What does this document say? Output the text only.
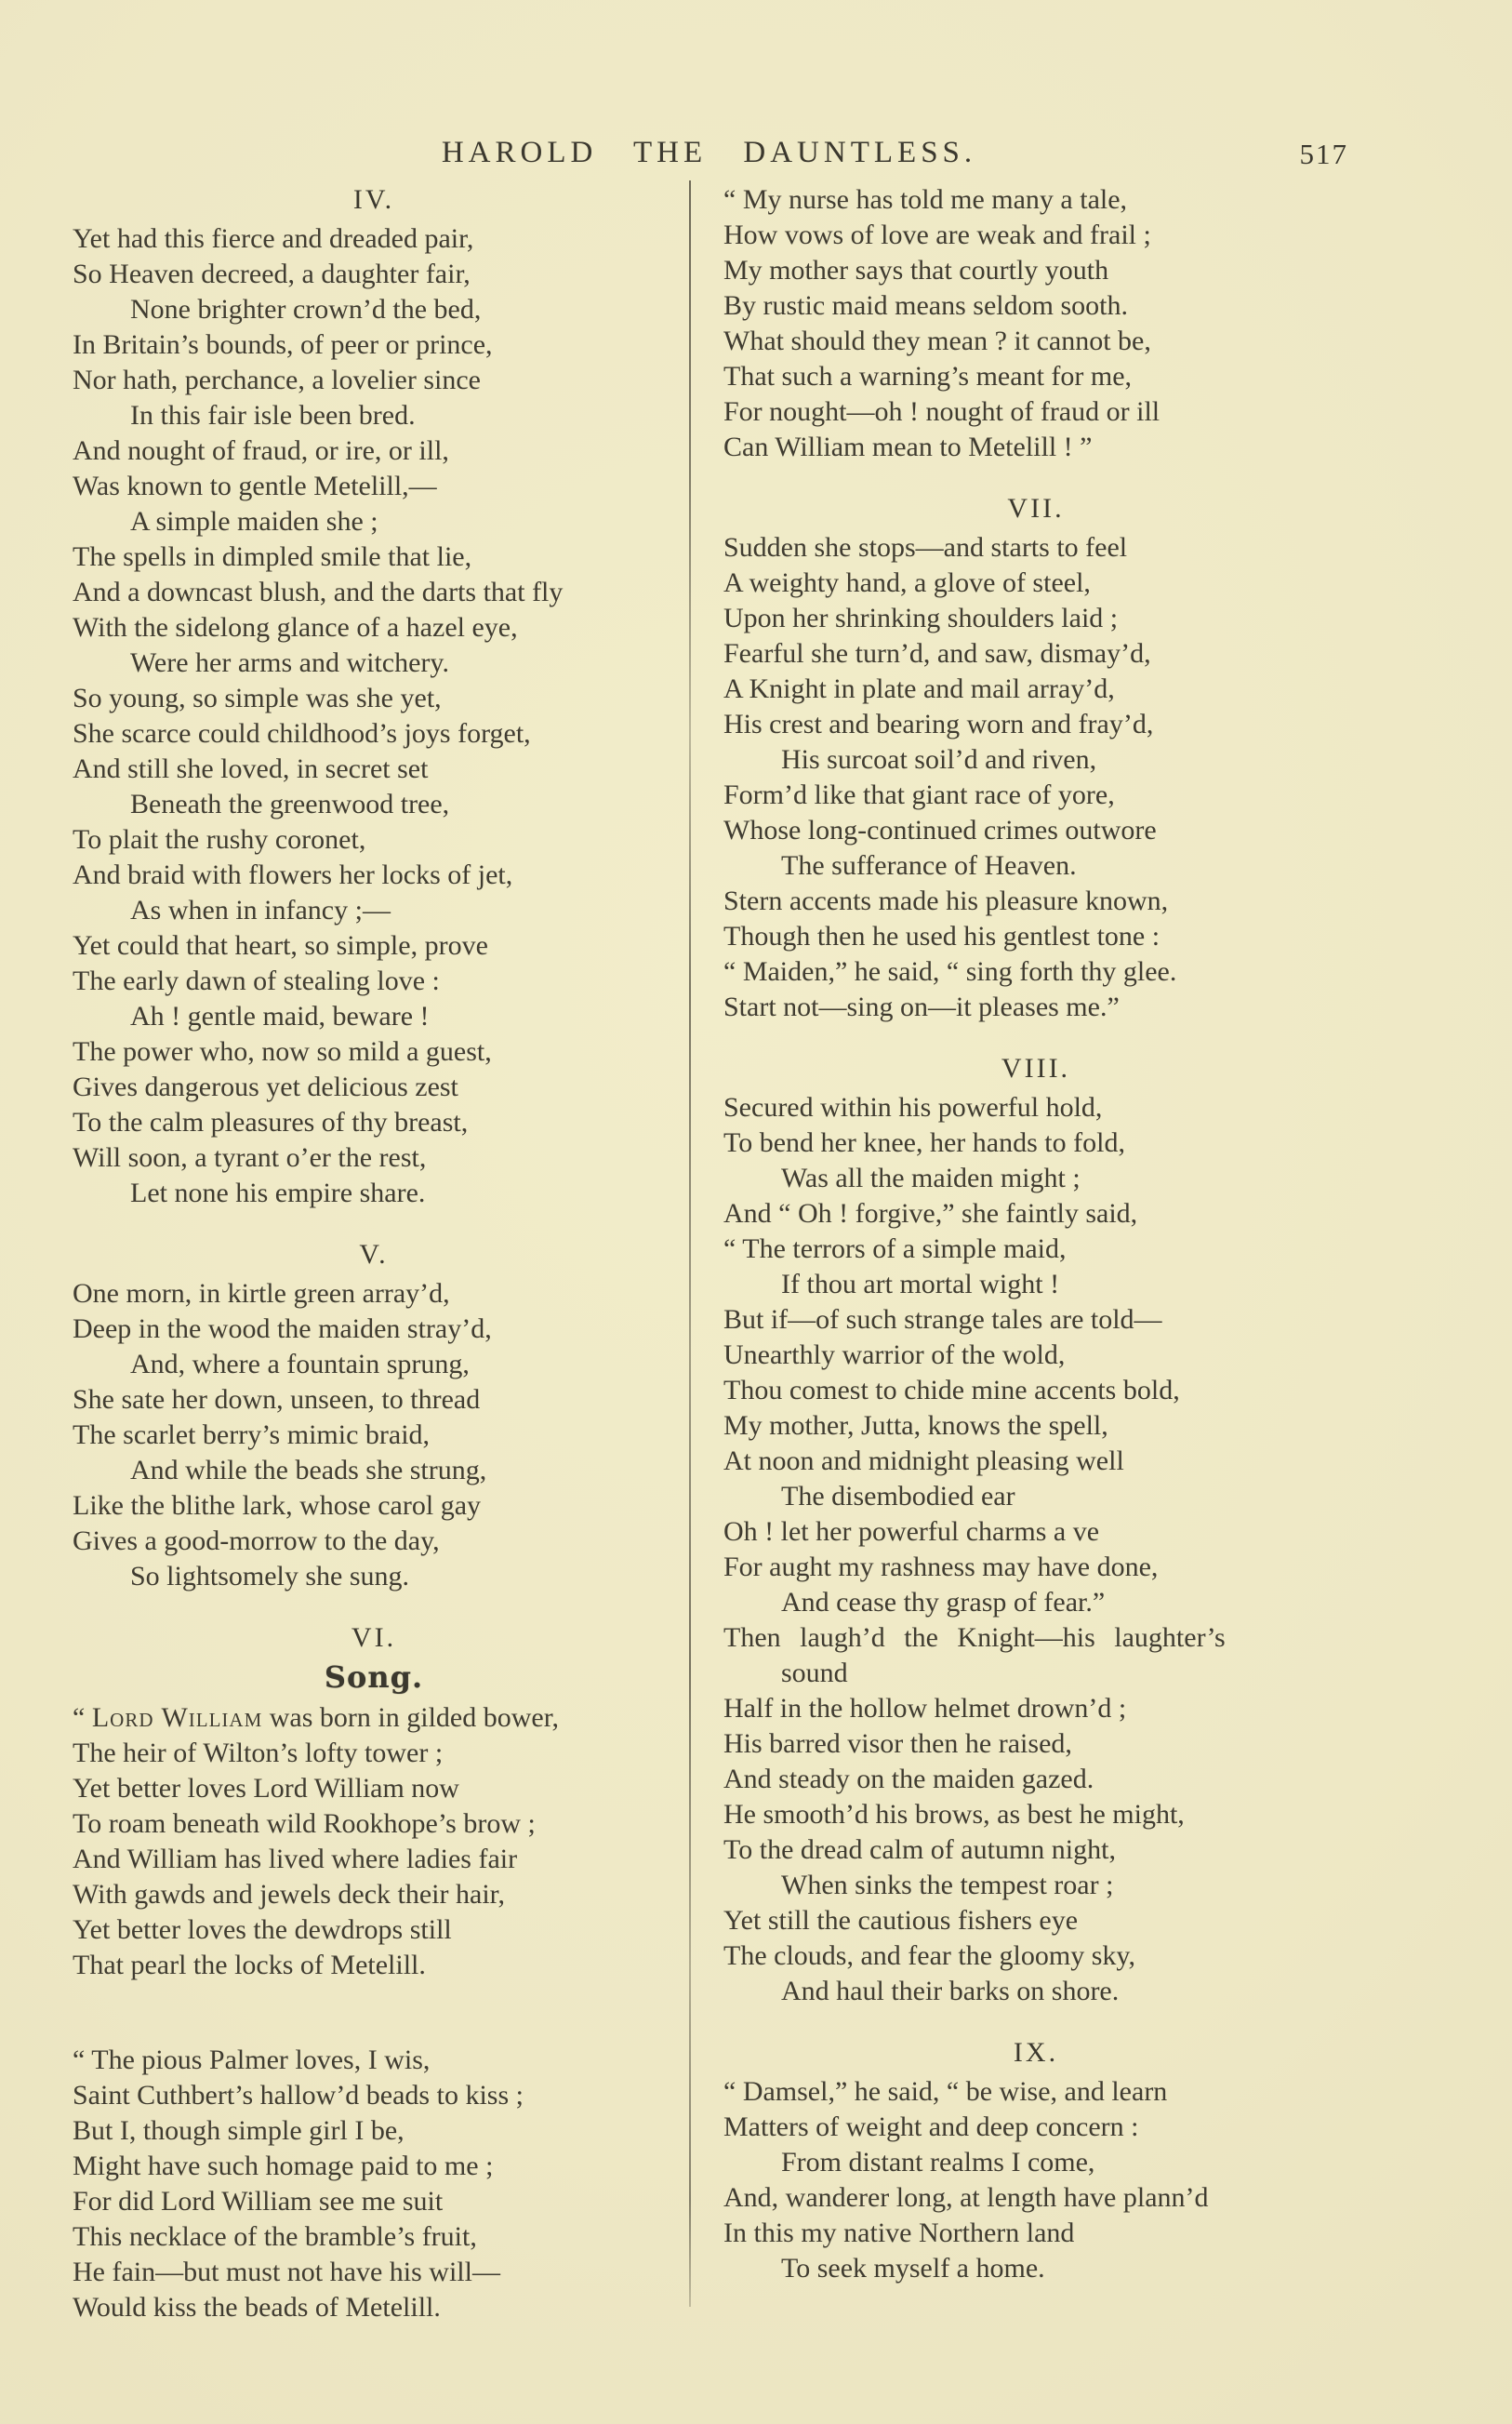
HAROLD THE DAUNTLESS.	517
IV.
Yet had this fierce and dreaded pair,
So Heaven decreed, a daughter fair,
None brighter crown’d the bed,
In Britain’s bounds, of peer or prince,
Nor hath, perchance, a lovelier since
In this fair isle been bred.
And nought of fraud, or ire, or ill,
Was known to gentle Metelill,—
A simple maiden she ;
The spells in dimpled smile that lie,
And a downcast blush, and the darts that fly
With the sidelong glance of a hazel eye,
Were her arms and witchery.
So young, so simple was she yet,
She scarce could childhood’s joys forget,
And still she loved, in secret set
Beneath the greenwood tree,
To plait the rushy coronet,
And braid with flowers her locks of jet,
As when in infancy ;—
Yet could that heart, so simple, prove
The early dawn of stealing love :
Ah ! gentle maid, beware !
The power who, now so mild a guest,
Gives dangerous yet delicious zest
To the calm pleasures of thy breast,
Will soon, a tyrant o’er the rest,
Let none his empire share.
V.
One morn, in kirtle green array’d,
Deep in the wood the maiden stray’d,
And, where a fountain sprung,
She sate her down, unseen, to thread
The scarlet berry’s mimic braid,
And while the beads she strung,
Like the blithe lark, whose carol gay
Gives a good-morrow to the day,
So lightsomely she sung.
VI.
Song.
“ Lord William was born in gilded bower,
The heir of Wilton’s lofty tower ;
Yet better loves Lord William now
To roam beneath wild Rookhope’s brow ;
And William has lived where ladies fair
With gawds and jewels deck their hair,
Yet better loves the dewdrops still
That pearl the locks of Metelill.
“ The pious Palmer loves, I wis,
Saint Cuthbert’s hallow’d beads to kiss ;
But I, though simple girl I be,
Might have such homage paid to me ;
For did Lord William see me suit
This necklace of the bramble’s fruit,
He fain—but must not have his will—
Would kiss the beads of Metelill.
“ My nurse has told me many a tale,
How vows of love are weak and frail ;
My mother says that courtly youth
By rustic maid means seldom sooth.
What should they mean ? it cannot be,
That such a warning’s meant for me,
For nought—oh ! nought of fraud or ill
Can William mean to Metelill ! ”
VII.
Sudden she stops—and starts to feel
A weighty hand, a glove of steel,
Upon her shrinking shoulders laid ;
Fearful she turn’d, and saw, dismay’d,
A Knight in plate and mail array’d,
His crest and bearing worn and fray’d,
His surcoat soil’d and riven,
Form’d like that giant race of yore,
Whose long-continued crimes outwore
The sufferance of Heaven.
Stern accents made his pleasure known,
Though then he used his gentlest tone :
“ Maiden,” he said, “ sing forth thy glee.
Start not—sing on—it pleases me.”
VIII.
Secured within his powerful hold,
To bend her knee, her hands to fold,
Was all the maiden might ;
And “ Oh ! forgive,” she faintly said,
“ The terrors of a simple maid,
If thou art mortal wight !
But if—of such strange tales are told—
Unearthly warrior of the wold,
Thou comest to chide mine accents bold,
My mother, Jutta, knows the spell,
At noon and midnight pleasing well
The disembodied ear
Oh ! let her powerful charms a ve
For aught my rashness may have done,
And cease thy grasp of fear.”
Then laugh’d the Knight—his laughter’s
sound
Half in the hollow helmet drown’d ;
His barred visor then he raised,
And steady on the maiden gazed.
He smooth’d his brows, as best he might,
To the dread calm of autumn night,
When sinks the tempest roar ;
Yet still the cautious fishers eye
The clouds, and fear the gloomy sky,
And haul their barks on shore.
IX.
“ Damsel,” he said, “ be wise, and learn
Matters of weight and deep concern :
From distant realms I come,
And, wanderer long, at length have plann’d
In this my native Northern land
To seek myself a home.
